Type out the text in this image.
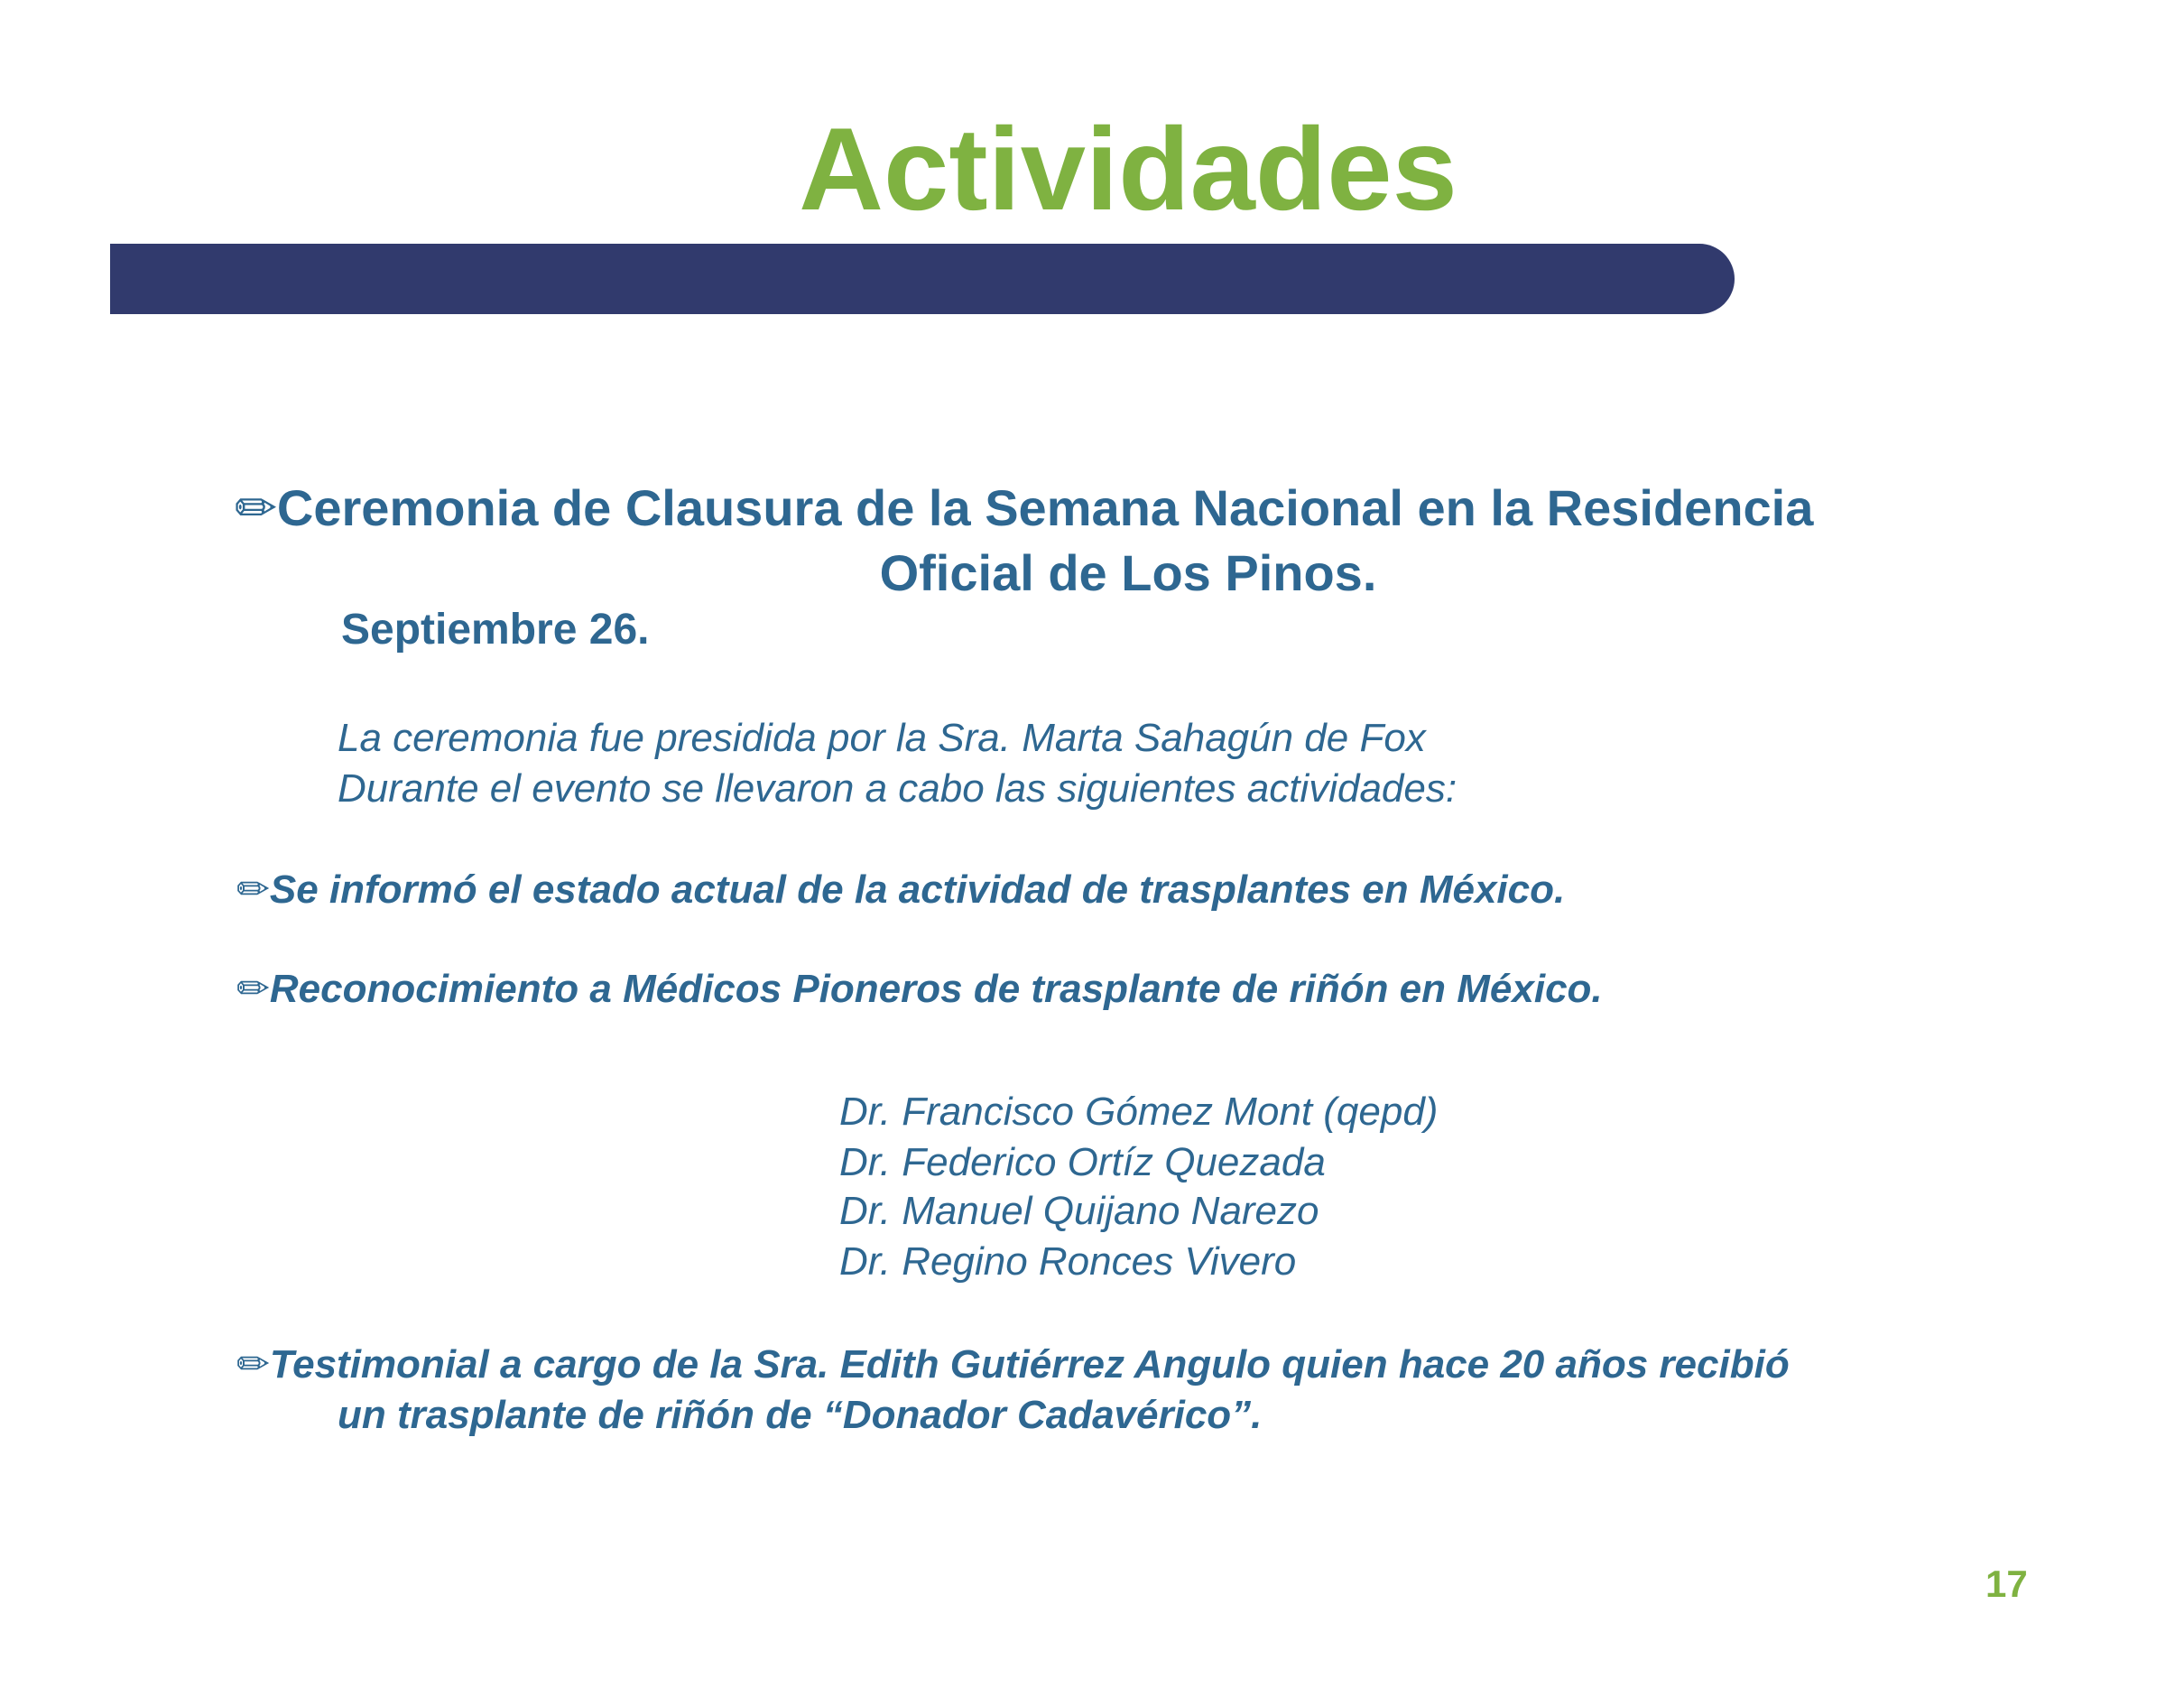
Actividades

✏Ceremonia de Clausura de la Semana Nacional en la Residencia

Oficial de Los Pinos.

Septiembre 26.

La ceremonia fue presidida por la Sra. Marta Sahagún de Fox

Durante el evento se llevaron a cabo las siguientes actividades:

✏Se informó el estado actual de la actividad de trasplantes en México.

✏Reconocimiento a Médicos Pioneros de trasplante de riñón en México.

Dr. Francisco Gómez Mont (qepd)

Dr. Federico Ortíz Quezada

Dr. Manuel Quijano Narezo

Dr. Regino Ronces Vivero

✏Testimonial a cargo de la Sra. Edith Gutiérrez Angulo quien hace 20 años recibió

un trasplante de riñón de “Donador Cadavérico”.

17
